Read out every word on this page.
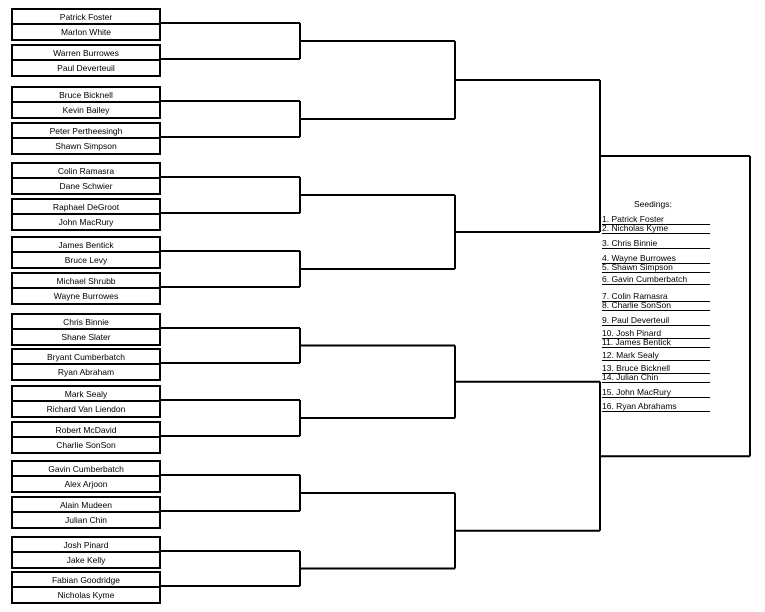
Patrick Foster
Marlon White
Warren Burrowes
Paul Deverteuil
Bruce Bicknell
Kevin Bailey
Peter Pertheesingh
Shawn Simpson
Colin Ramasra
Dane Schwier
Raphael DeGroot
John MacRury
James Bentick
Bruce Levy
Michael Shrubb
Wayne Burrowes
Chris Binnie
Shane Slater
Bryant Cumberbatch
Ryan Abraham
Mark Sealy
Richard Van Liendon
Robert McDavid
Charlie SonSon
Gavin Cumberbatch
Alex Arjoon
Alain Mudeen
Julian Chin
Josh Pinard
Jake Kelly
Fabian Goodridge
Nicholas Kyme
Seedings:
1. Patrick Foster
2. Nicholas Kyme
3. Chris Binnie
4. Wayne Burrowes
5. Shawn Simpson
6. Gavin Cumberbatch
7. Colin Ramasra
8. Charlie SonSon
9. Paul Deverteuil
10. Josh Pinard
11. James Bentick
12. Mark Sealy
13. Bruce Bicknell
14. Julian Chin
15. John MacRury
16. Ryan Abrahams
